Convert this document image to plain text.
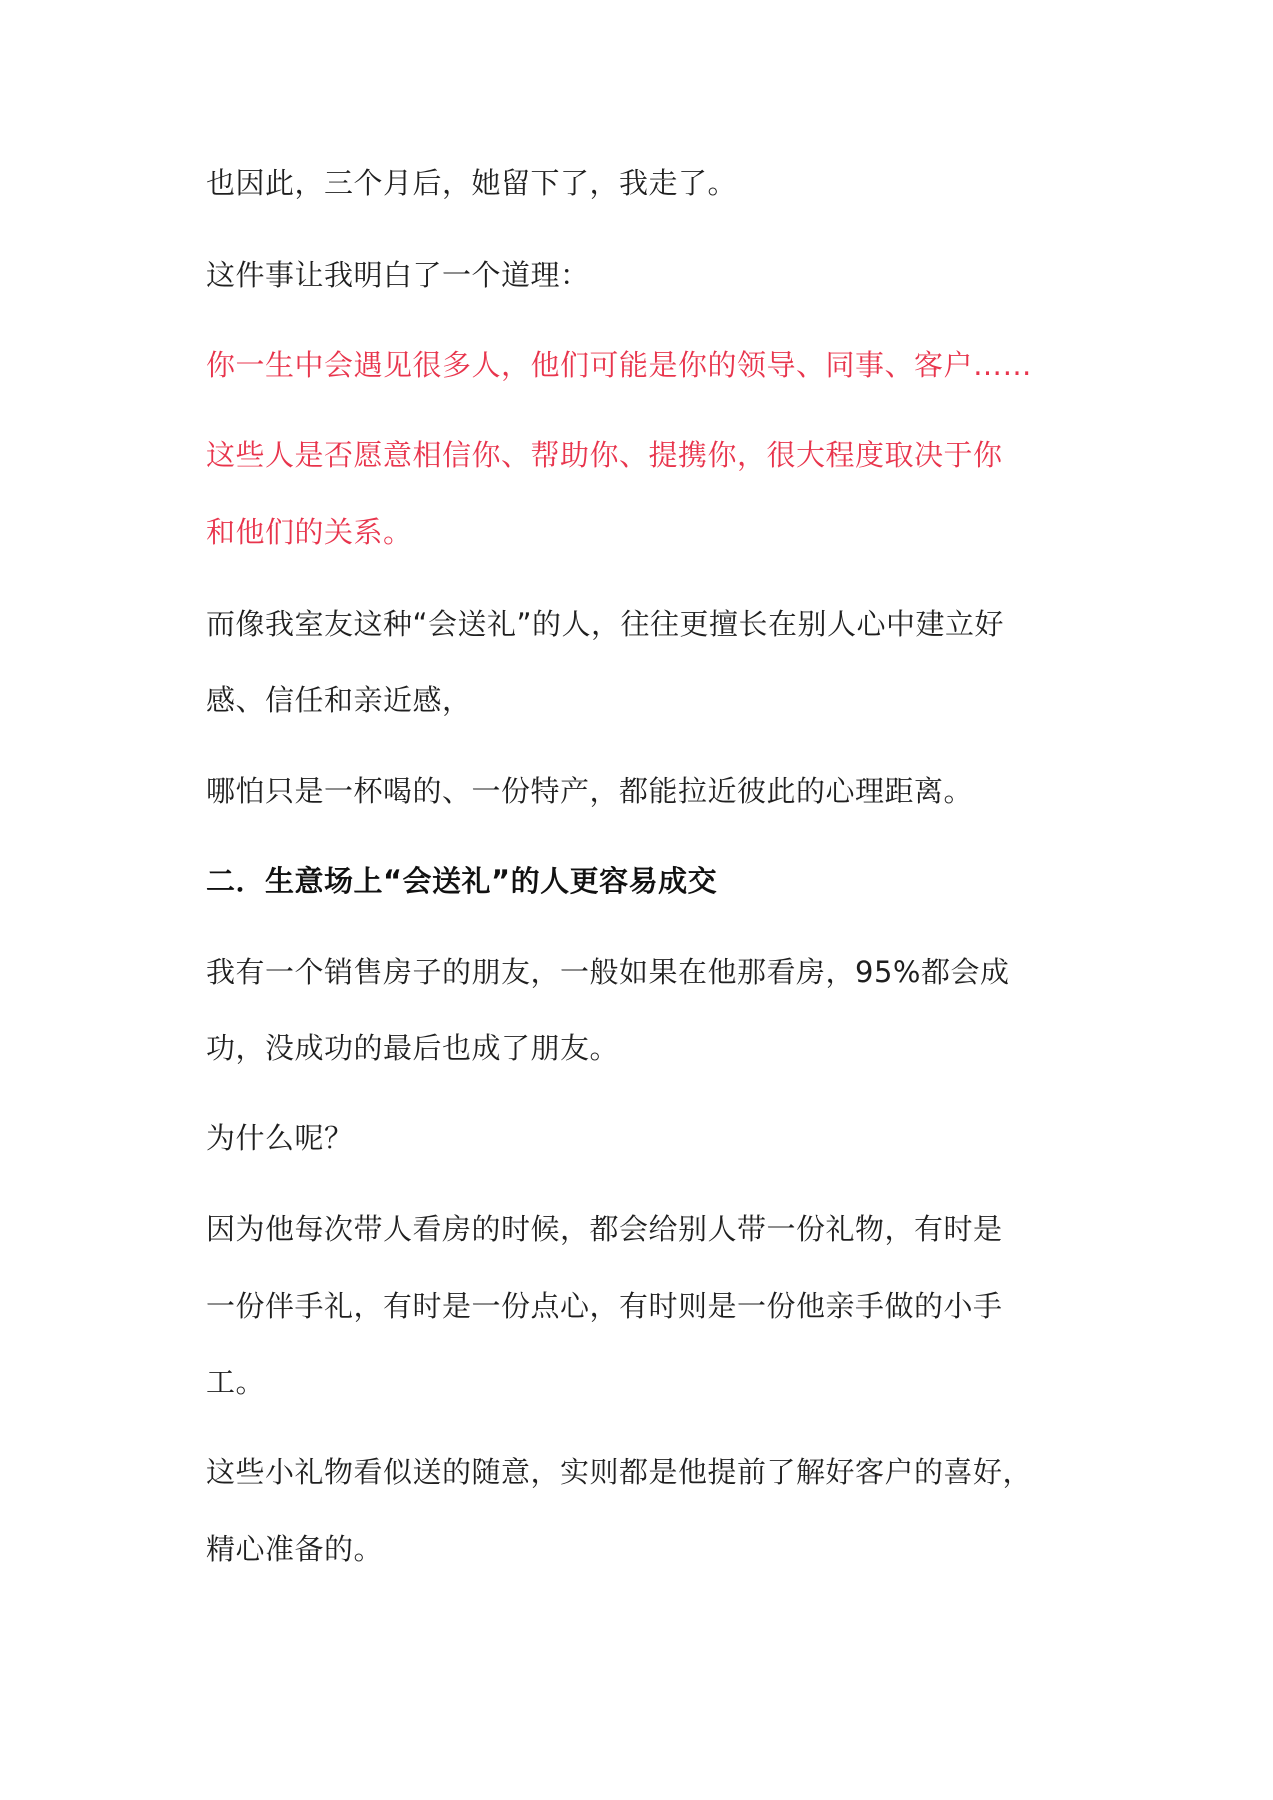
也因此，三个月后，她留下了，我走了。
这件事让我明白了一个道理：
你一生中会遇见很多人，他们可能是你的领导、同事、客户……
这些人是否愿意相信你、帮助你、提携你，很大程度取决于你
和他们的关系。
而像我室友这种“会送礼”的人，往往更擅长在别人心中建立好
感、信任和亲近感，
哪怕只是一杯喝的、一份特产，都能拉近彼此的心理距离。
二．生意场上“会送礼”的人更容易成交
我有一个销售房子的朋友，一般如果在他那看房，95%都会成
功，没成功的最后也成了朋友。
为什么呢？
因为他每次带人看房的时候，都会给别人带一份礼物，有时是
一份伴手礼，有时是一份点心，有时则是一份他亲手做的小手
工。
这些小礼物看似送的随意，实则都是他提前了解好客户的喜好，
精心准备的。
